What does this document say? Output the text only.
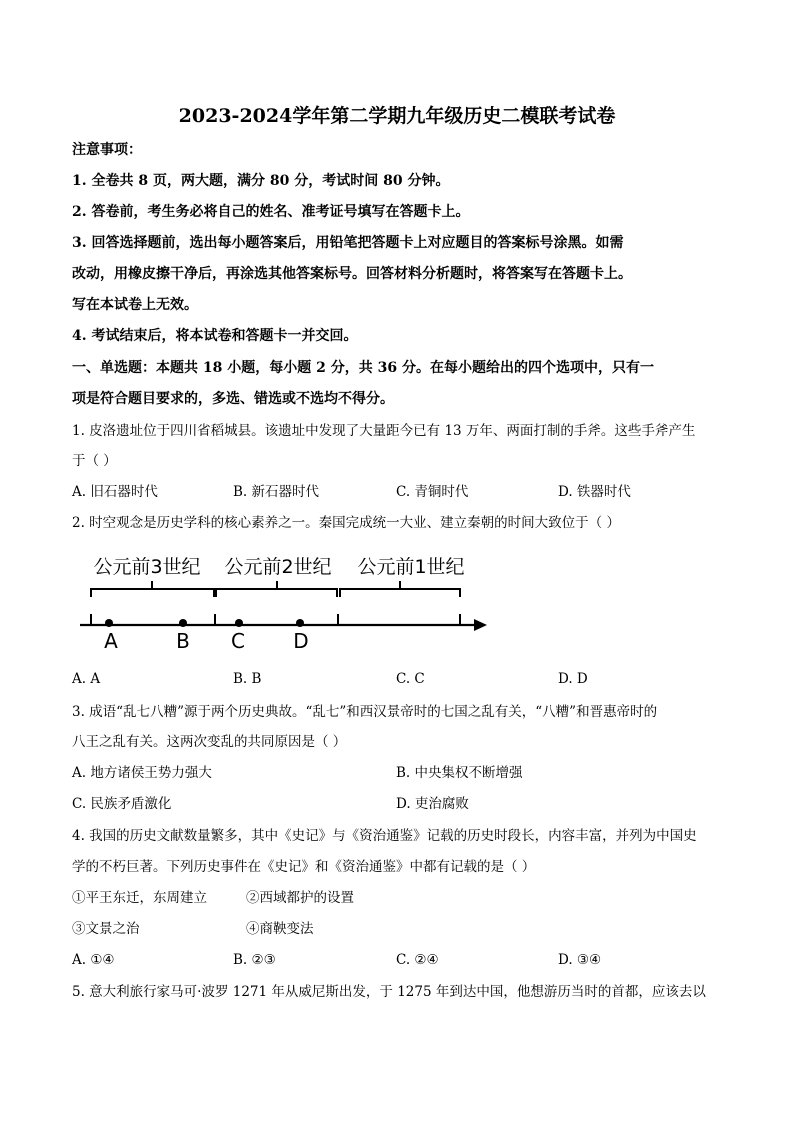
2023-2024学年第二学期九年级历史二模联考试卷
注意事项：
1. 全卷共 8 页，两大题，满分 80 分，考试时间 80 分钟。
2. 答卷前，考生务必将自己的姓名、准考证号填写在答题卡上。
3. 回答选择题前，选出每小题答案后，用铅笔把答题卡上对应题目的答案标号涂黑。如需
改动，用橡皮擦干净后，再涂选其他答案标号。回答材料分析题时，将答案写在答题卡上。
写在本试卷上无效。
4. 考试结束后，将本试卷和答题卡一并交回。
一、单选题：本题共 18 小题，每小题 2 分，共 36 分。在每小题给出的四个选项中，只有一
项是符合题目要求的，多选、错选或不选均不得分。
1. 皮洛遗址位于四川省稻城县。该遗址中发现了大量距今已有 13 万年、两面打制的手斧。这些手斧产生
于（ ）
A. 旧石器时代	B. 新石器时代	C. 青铜时代	D. 铁器时代
2. 时空观念是历史学科的核心素养之一。秦国完成统一大业、建立秦朝的时间大致位于（ ）
公元前3世纪 公元前2世纪 公元前1世纪
A	B C D
A. A	B. B	C. C	D. D
3. 成语“乱七八糟”源于两个历史典故。“乱七”和西汉景帝时的七国之乱有关，“八糟”和晋惠帝时的
八王之乱有关。这两次变乱的共同原因是（ ）
A. 地方诸侯王势力强大	B. 中央集权不断增强
C. 民族矛盾激化	D. 吏治腐败
4. 我国的历史文献数量繁多，其中《史记》与《资治通鉴》记载的历史时段长，内容丰富，并列为中国史
学的不朽巨著。下列历史事件在《史记》和《资治通鉴》中都有记载的是（ ）
①平王东迁，东周建立	②西域都护的设置
③文景之治	④商鞅变法
A. ①④	B. ②③	C. ②④	D. ③④
5. 意大利旅行家马可·波罗 1271 年从威尼斯出发，于 1275 年到达中国，他想游历当时的首都，应该去以
